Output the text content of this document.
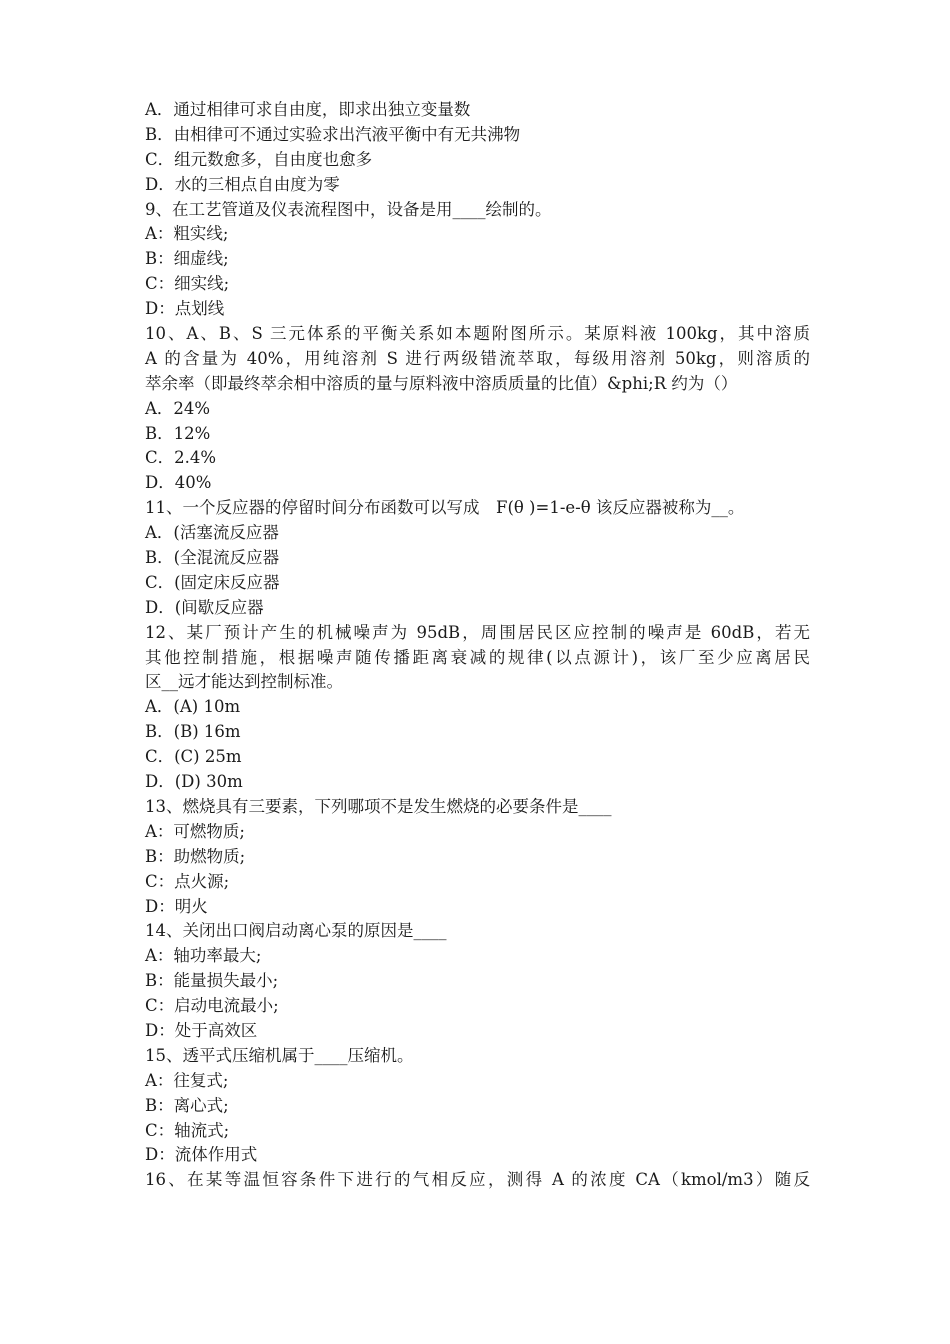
A．通过相律可求自由度，即求出独立变量数

B．由相律可不通过实验求出汽液平衡中有无共沸物

C．组元数愈多，自由度也愈多

D．水的三相点自由度为零

9、在工艺管道及仪表流程图中，设备是用____绘制的。

A：粗实线;

B：细虚线;

C：细实线;

D：点划线

10、A、B、S 三元体系的平衡关系如本题附图所示。某原料液 100kg，其中溶质

A 的含量为 40%，用纯溶剂 S 进行两级错流萃取，每级用溶剂 50kg，则溶质的

萃余率（即最终萃余相中溶质的量与原料液中溶质质量的比值）&phi;R 约为（）

A．24%

B．12%

C．2.4%

D．40%

11、一个反应器的停留时间分布函数可以写成　F(θ )=1-e-θ 该反应器被称为__。

A．(活塞流反应器

B．(全混流反应器

C．(固定床反应器

D．(间歇反应器

12、某厂预计产生的机械噪声为 95dB，周围居民区应控制的噪声是 60dB，若无

其他控制措施，根据噪声随传播距离衰减的规律(以点源计)，该厂至少应离居民

区__远才能达到控制标准。

A．(A) 10m

B．(B) 16m

C．(C) 25m

D．(D) 30m

13、燃烧具有三要素，下列哪项不是发生燃烧的必要条件是____

A：可燃物质;

B：助燃物质;

C：点火源;

D：明火

14、关闭出口阀启动离心泵的原因是____

A：轴功率最大;

B：能量损失最小;

C：启动电流最小;

D：处于高效区

15、透平式压缩机属于____压缩机。

A：往复式;

B：离心式;

C：轴流式;

D：流体作用式

16、在某等温恒容条件下进行的气相反应，测得 A 的浓度 CA（kmol/m3）随反
